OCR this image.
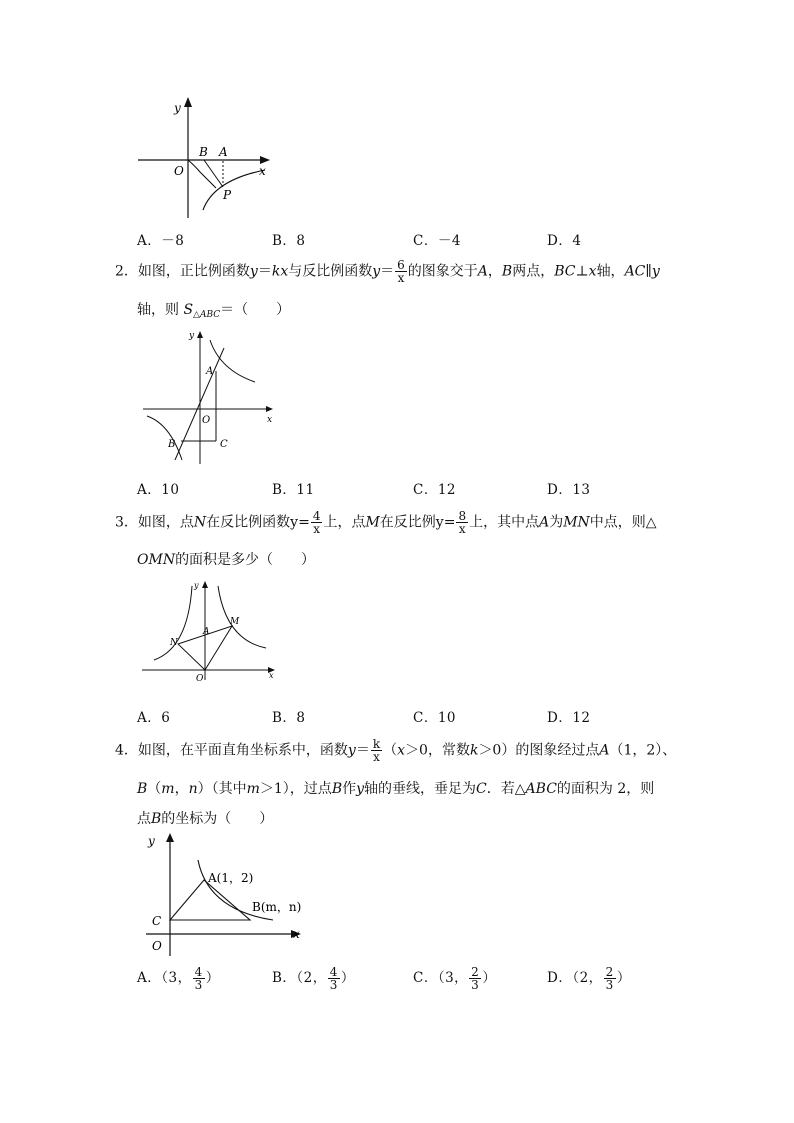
y
x
O
B A
P
A．－8	B．8	C．－4	D．4
2．如图，正比例函数y＝kx与反比例函数$y= \frac{6}{x}$ 的图象交于A，B两点，BC⊥x轴，AC∥y
轴，则 $S_{\triangle ABC}=$（　　）
y
x
O
A
B	C
A．10	B．11	C．12	D．13
3．如图，点N在反比例函数$y= \frac{4}{x}$ 上，点M在反比例$y= \frac{8}{x}$ 上，其中点A为MN中点，则△
OMN的面积是多少（　　）
y
x
O
A
M
N
A．6	B．8	C．10	D．12
4．如图，在平面直角坐标系中，函数$y= \frac{k}{x} (x>0$，常数k＞0）的图象经过点A（1，2）、
B（m，n）（其中m＞1），过点B作y轴的垂线，垂足为C．若△ABC的面积为 2，则
点B的坐标为（　　）
y
x
O
C
A(1，2)
B(m，n)
A．（3， $\frac{4}{3}$ ）	B．（2， $\frac{4}{3}$ ）	C．（3， $\frac{2}{3}$ ）	D．（2， $\frac{2}{3}$ ）
